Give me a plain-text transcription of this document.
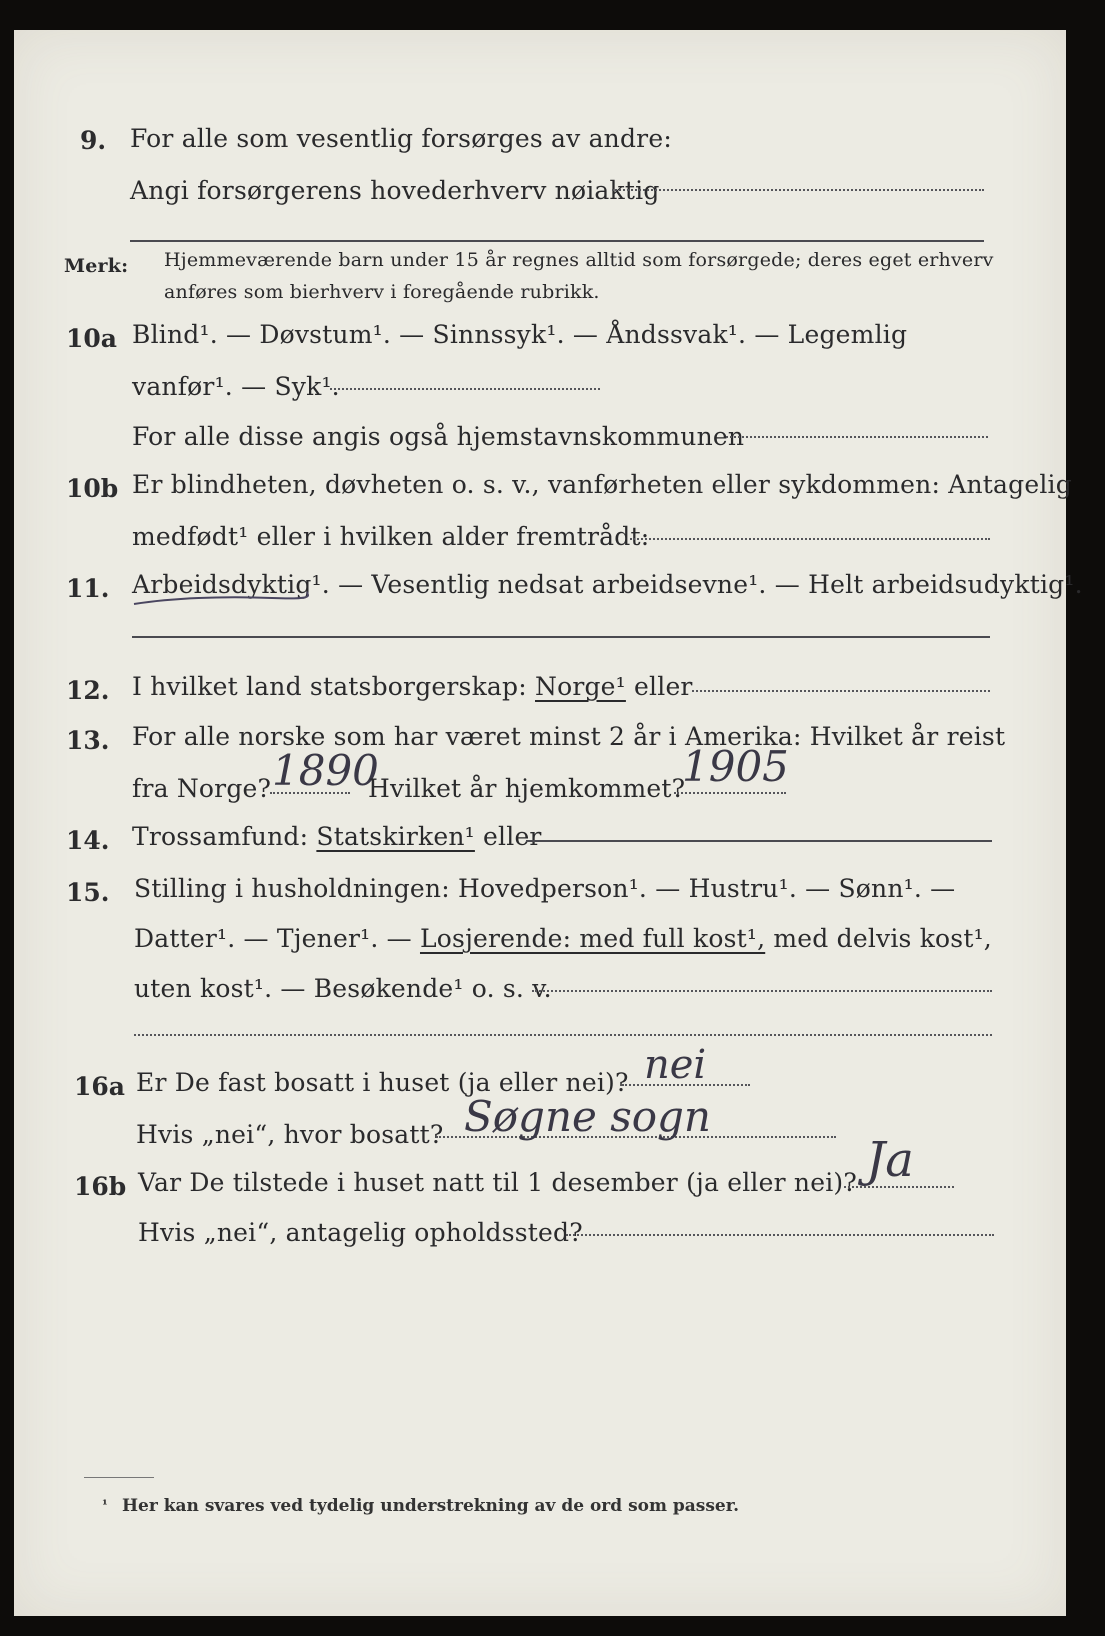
9. For alle som vesentlig forsørges av andre:
Angi forsørgerens hovederhverv nøiaktig
Merk: Hjemmeværende barn under 15 år regnes alltid som forsørgede; deres eget erhverv
anføres som bierhverv i foregående rubrikk.
10a Blind¹. — Døvstum¹. — Sinnssyk¹. — Åndssvak¹. — Legemlig
vanfør¹. — Syk¹.
For alle disse angis også hjemstavnskommunen
10b Er blindheten, døvheten o. s. v., vanførheten eller sykdommen: Antagelig
medfødt¹ eller i hvilken alder fremtrådt:
11. Arbeidsdyktig¹. — Vesentlig nedsat arbeidsevne¹. — Helt arbeidsudyktig¹.
12. I hvilket land statsborgerskap: Norge¹ eller
13. For alle norske som har været minst 2 år i Amerika: Hvilket år reist
fra Norge? 1890
Hvilket år hjemkommet?
1905
14. Trossamfund: Statskirken¹ eller
15. Stilling i husholdningen: Hovedperson¹. — Hustru¹. — Sønn¹. —
Datter¹. — Tjener¹. — Losjerende: med full kost¹, med delvis kost¹,
uten kost¹. — Besøkende¹ o. s. v.
16a Er De fast bosatt i huset (ja eller nei)? nei
Hvis „nei“, hvor bosatt? Søgne sogn
16b Var De tilstede i huset natt til 1 desember (ja eller nei)? Ja
Hvis „nei“, antagelig opholdssted?
¹ Her kan svares ved tydelig understrekning av de ord som passer.
